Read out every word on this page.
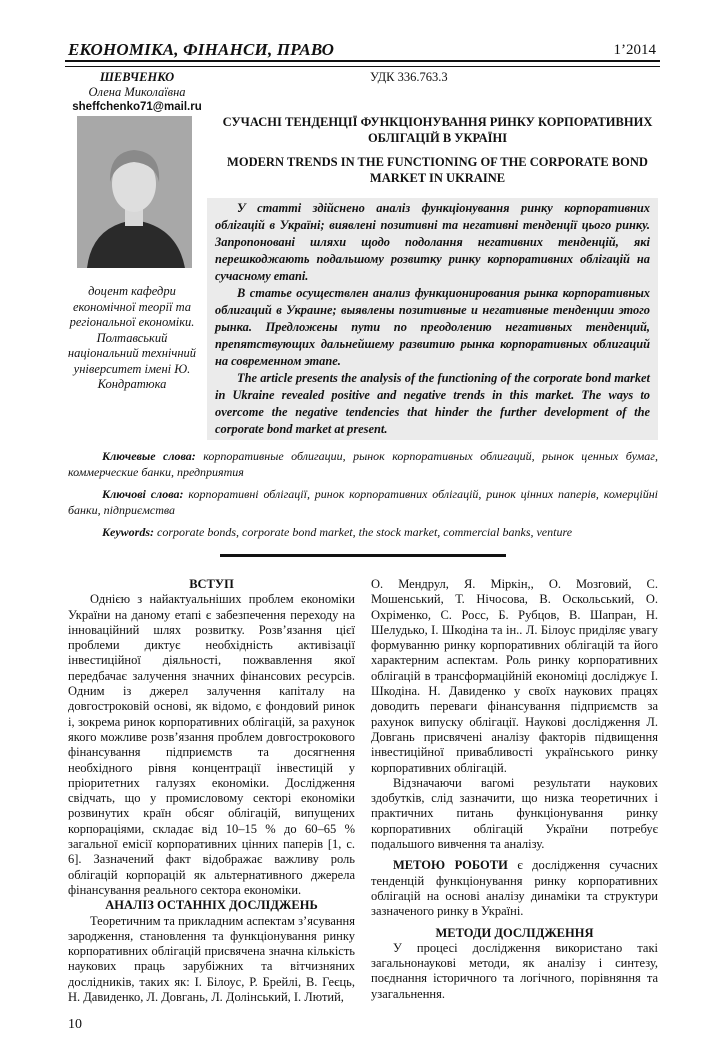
ЕКОНОМІКА, ФІНАНСИ, ПРАВО	1’2014
ШЕВЧЕНКО
Олена Миколаївна
sheffchenko71@mail.ru
доцент кафедри економічної теорії та регіональної економіки. Полтавський національний технічний університет імені Ю. Кондратюка
УДК 336.763.3
СУЧАСНІ ТЕНДЕНЦІЇ ФУНКЦІОНУВАННЯ РИНКУ КОРПОРАТИВНИХ ОБЛІГАЦІЙ В УКРАЇНІ
MODERN TRENDS IN THE FUNCTIONING OF THE CORPORATE BOND MARKET IN UKRAINE

У статті здійснено аналіз функціонування ринку корпоративних облігацій в Україні; виявлені позитивні та негативні тенденції цього ринку. Запропоновані шляхи щодо подолання негативних тенденцій, які перешкоджають подальшому розвитку ринку корпоративних облігацій на сучасному етапі.

В статье осуществлен анализ функционирования рынка корпоративных облигаций в Украине; выявлены позитивные и негативные тенденции этого рынка. Предложены пути по преодолению негативных тенденций, препятствующих дальнейшему развитию рынка корпоративных облигаций на современном этапе.

The article presents the analysis of the functioning of the corporate bond market in Ukraine revealed positive and negative trends in this market. The ways to overcome the negative tendencies that hinder the further development of the corporate bond market at present.

Ключевые слова: корпоративные облигации, рынок корпоративных облигаций, рынок ценных бумаг, коммерческие банки, предприятия
Ключові слова: корпоративні облігації, ринок корпоративних облігацій, ринок цінних паперів, комерційні банки, підприємства
Keywords: corporate bonds, corporate bond market, the stock market, commercial banks, venture
ВСТУП

Однією з найактуальніших проблем економіки України на даному етапі є забезпечення переходу на інноваційний шлях розвитку. Розв’язання цієї проблеми диктує необхідність активізації інвестиційної діяльності, пожвавлення якої передбачає залучення значних фінансових ресурсів. Одним із джерел залучення капіталу на довгостроковій основі, як відомо, є фондовий ринок і, зокрема ринок корпоративних облігацій, за рахунок якого можливе розв’язання проблем довгострокового фінансування підприємств та досягнення необхідного рівня концентрації інвестицій у пріоритетних галузях економіки. Дослідження свідчать, що у промисловому секторі економіки розвинутих країн обсяг облігацій, випущених корпораціями, складає від 10–15 % до 60–65 % загальної емісії корпоративних цінних паперів [1, с. 6]. Зазначений факт відображає важливу роль облігацій корпорацій як альтернативного джерела фінансування реального сектора економіки.

АНАЛІЗ ОСТАННІХ ДОСЛІДЖЕНЬ

Теоретичним та прикладним аспектам з’ясування зародження, становлення та функціонування ринку корпоративних облігацій присвячена значна кількість наукових праць зарубіжних та вітчизняних дослідників, таких як: І. Білоус, Р. Брейлі, В. Геєць, Н. Давиденко, Л. Довгань, Л. Долінський, І. Лютий,

О. Мендрул, Я. Міркін,, О. Мозговий, С. Мошенський, Т. Нічосова, В. Оскольський, О. Охріменко, С. Росс, Б. Рубцов, В. Шапран, Н. Шелудько, І. Шкодіна та ін.. Л. Білоус приділяє увагу формуванню ринку корпоративних облігацій та його характерним аспектам. Роль ринку корпоративних облігацій в трансформаційній економіці досліджує І. Шкодіна. Н. Давиденко у своїх наукових працях доводить переваги фінансування підприємств за рахунок випуску облігації. Наукові дослідження Л. Довгань присвячені аналізу факторів підвищення інвестиційної привабливості українського ринку корпоративних облігацій.

Відзначаючи вагомі результати наукових здобутків, слід зазначити, що низка теоретичних і практичних питань функціонування ринку корпоративних облігацій України потребує подальшого вивчення та аналізу.

МЕТОЮ РОБОТИ є дослідження сучасних тенденцій функціонування ринку корпоративних облігацій на основі аналізу динаміки та структури зазначеного ринку в Україні.

МЕТОДИ ДОСЛІДЖЕННЯ

У процесі дослідження використано такі загальнонаукові методи, як аналізу і синтезу, поєднання історичного та логічного, порівняння та узагальнення.

10
